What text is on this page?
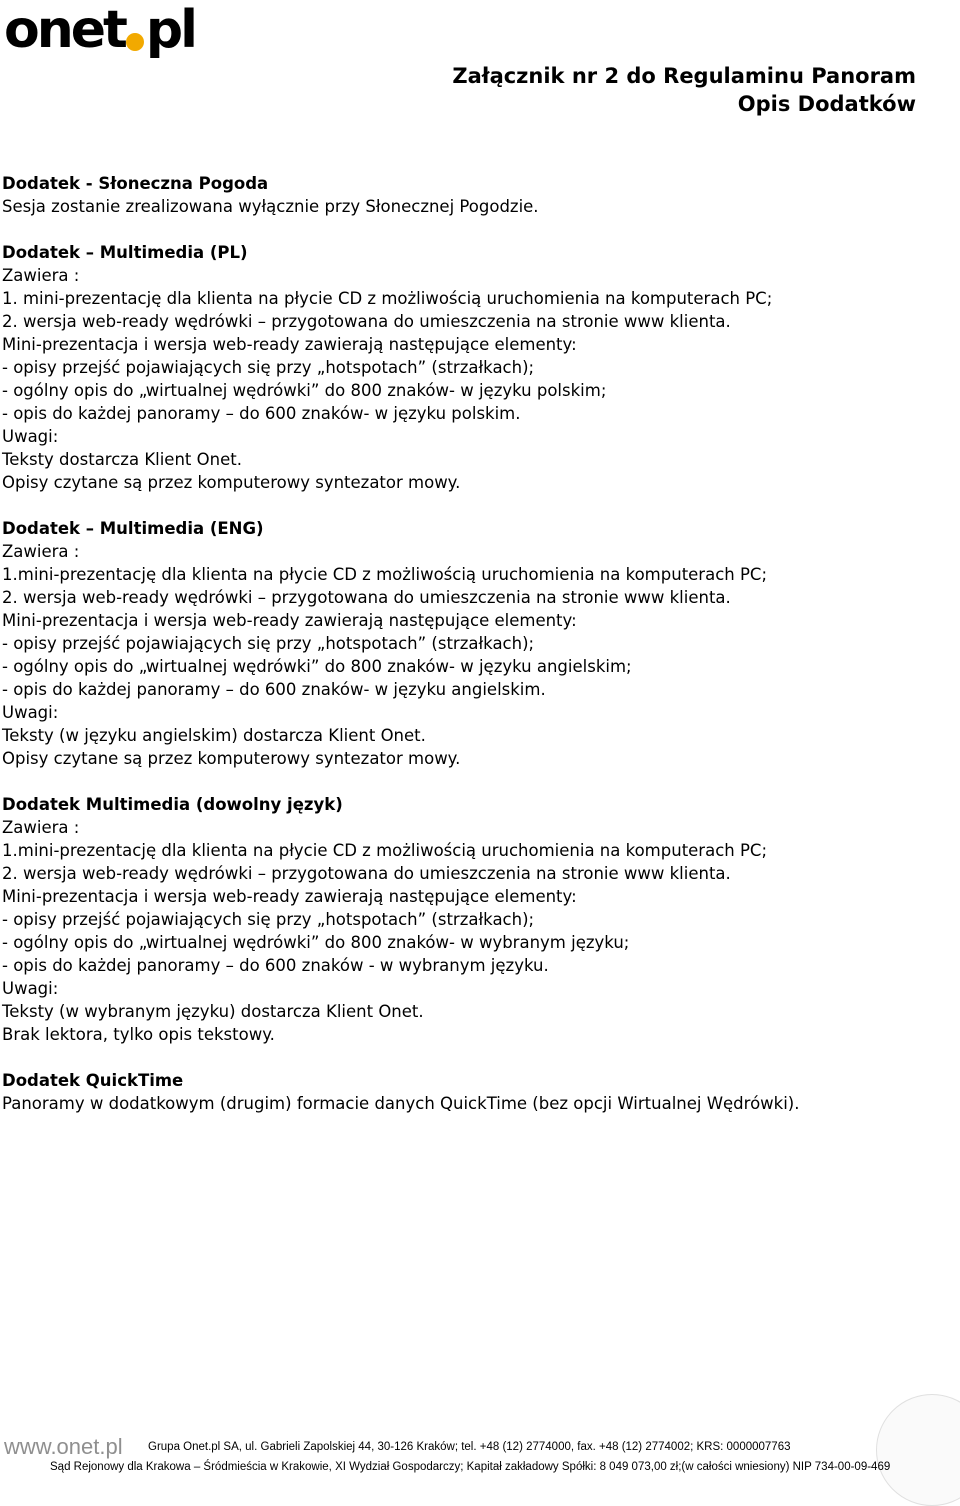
onet pl
Załącznik nr 2 do Regulaminu Panoram
Opis Dodatków

Dodatek - Słoneczna Pogoda

Sesja zostanie zrealizowana wyłącznie przy Słonecznej Pogodzie.

Dodatek – Multimedia (PL)

Zawiera :

1. mini-prezentację dla klienta na płycie CD z możliwością uruchomienia na komputerach PC;

2. wersja web-ready wędrówki – przygotowana do umieszczenia na stronie www klienta.

Mini-prezentacja i wersja web-ready zawierają następujące elementy:

- opisy przejść pojawiających się przy „hotspotach” (strzałkach);

- ogólny opis do „wirtualnej wędrówki” do 800 znaków- w języku polskim;

- opis do każdej panoramy – do 600 znaków- w języku polskim.

Uwagi:

Teksty dostarcza Klient Onet.

Opisy czytane są przez komputerowy syntezator mowy.

Dodatek – Multimedia (ENG)

Zawiera :

1.mini-prezentację dla klienta na płycie CD z możliwością uruchomienia na komputerach PC;

2. wersja web-ready wędrówki – przygotowana do umieszczenia na stronie www klienta.

Mini-prezentacja i wersja web-ready zawierają następujące elementy:

- opisy przejść pojawiających się przy „hotspotach” (strzałkach);

- ogólny opis do „wirtualnej wędrówki” do 800 znaków- w języku angielskim;

- opis do każdej panoramy – do 600 znaków- w języku angielskim.

Uwagi:

Teksty (w języku angielskim) dostarcza Klient Onet.

Opisy czytane są przez komputerowy syntezator mowy.

Dodatek Multimedia (dowolny język)

Zawiera :

1.mini-prezentację dla klienta na płycie CD z możliwością uruchomienia na komputerach PC;

2. wersja web-ready wędrówki – przygotowana do umieszczenia na stronie www klienta.

Mini-prezentacja i wersja web-ready zawierają następujące elementy:

- opisy przejść pojawiających się przy „hotspotach” (strzałkach);

- ogólny opis do „wirtualnej wędrówki” do 800 znaków- w wybranym języku;

- opis do każdej panoramy – do 600 znaków - w wybranym języku.

Uwagi:

Teksty (w wybranym języku) dostarcza Klient Onet.

Brak lektora, tylko opis tekstowy.

Dodatek QuickTime

Panoramy w dodatkowym (drugim) formacie danych QuickTime (bez opcji Wirtualnej Wędrówki).

www.onet.pl Grupa Onet.pl SA, ul. Gabrieli Zapolskiej 44, 30-126 Kraków; tel. +48 (12) 2774000, fax. +48 (12) 2774002; KRS: 0000007763
Sąd Rejonowy dla Krakowa – Śródmieścia w Krakowie, XI Wydział Gospodarczy; Kapitał zakładowy Spółki: 8 049 073,00 zł;(w całości wniesiony) NIP 734-00-09-469
